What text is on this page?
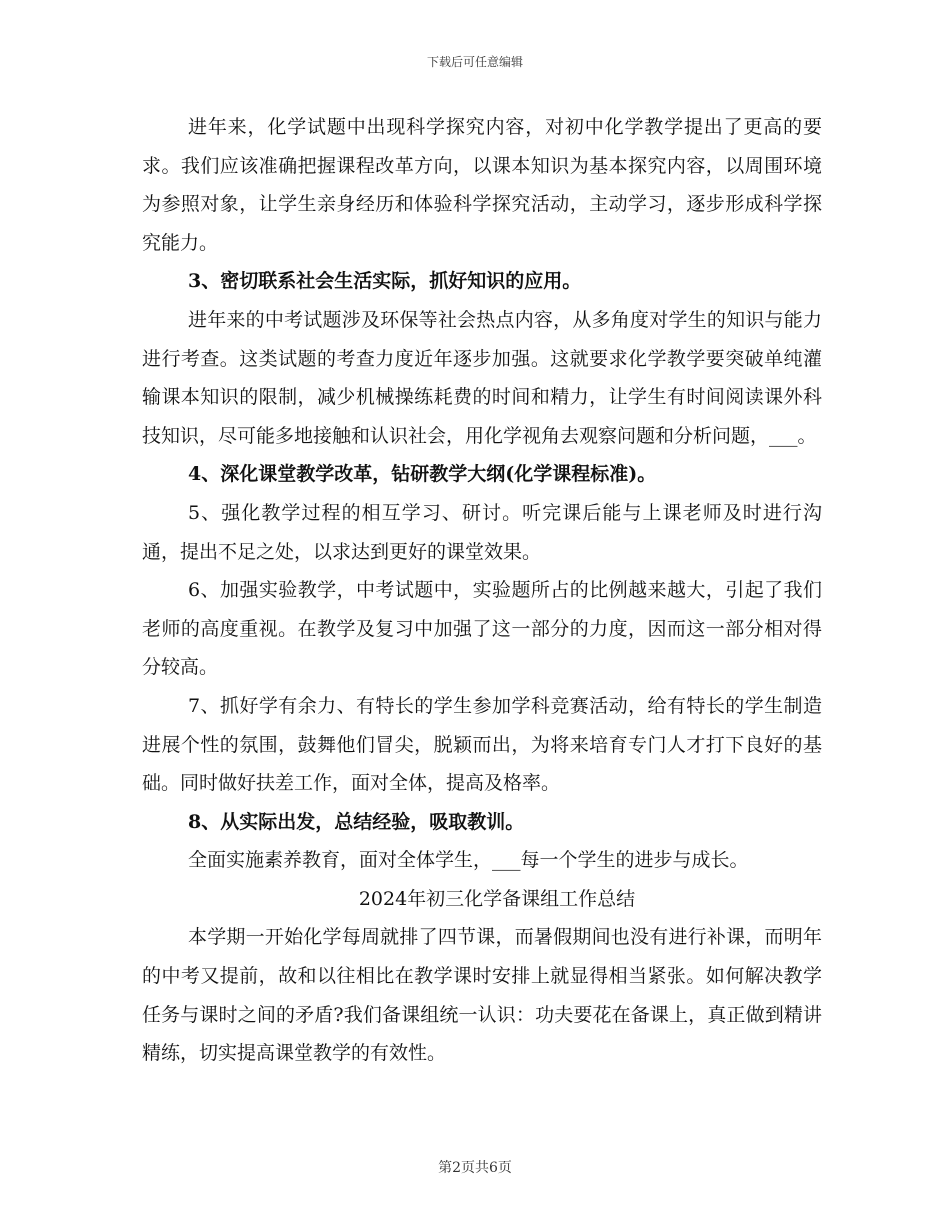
下载后可任意编辑

进年来，化学试题中出现科学探究内容，对初中化学教学提出了更高的要求。我们应该准确把握课程改革方向，以课本知识为基本探究内容，以周围环境为参照对象，让学生亲身经历和体验科学探究活动，主动学习，逐步形成科学探究能力。

3、密切联系社会生活实际，抓好知识的应用。

进年来的中考试题涉及环保等社会热点内容，从多角度对学生的知识与能力进行考查。这类试题的考查力度近年逐步加强。这就要求化学教学要突破单纯灌输课本知识的限制，减少机械操练耗费的时间和精力，让学生有时间阅读课外科技知识，尽可能多地接触和认识社会，用化学视角去观察问题和分析问题，___。

4、深化课堂教学改革，钻研教学大纲(化学课程标准)。

5、强化教学过程的相互学习、研讨。听完课后能与上课老师及时进行沟通，提出不足之处，以求达到更好的课堂效果。

6、加强实验教学，中考试题中，实验题所占的比例越来越大，引起了我们老师的高度重视。在教学及复习中加强了这一部分的力度，因而这一部分相对得分较高。

7、抓好学有余力、有特长的学生参加学科竞赛活动，给有特长的学生制造进展个性的氛围，鼓舞他们冒尖，脱颖而出，为将来培育专门人才打下良好的基础。同时做好扶差工作，面对全体，提高及格率。

8、从实际出发，总结经验，吸取教训。

全面实施素养教育，面对全体学生，___每一个学生的进步与成长。

2024年初三化学备课组工作总结

本学期一开始化学每周就排了四节课，而暑假期间也没有进行补课，而明年的中考又提前，故和以往相比在教学课时安排上就显得相当紧张。如何解决教学任务与课时之间的矛盾?我们备课组统一认识：功夫要花在备课上，真正做到精讲精练，切实提高课堂教学的有效性。

第2页共6页
